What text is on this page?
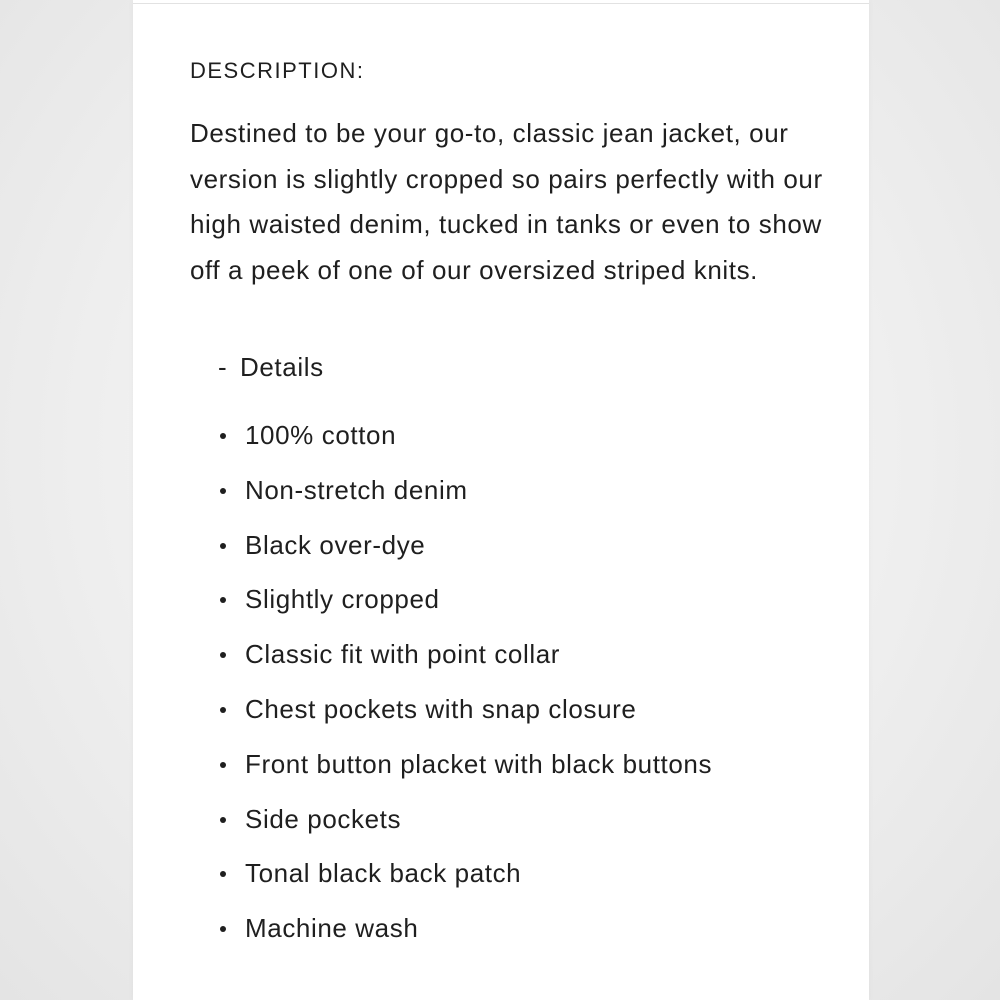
DESCRIPTION:

Destined to be your go-to, classic jean jacket, our version is slightly cropped so pairs perfectly with our high waisted denim, tucked in tanks or even to show off a peek of one of our oversized striped knits.

- Details
100% cotton
Non-stretch denim
Black over-dye
Slightly cropped
Classic fit with point collar
Chest pockets with snap closure
Front button placket with black buttons
Side pockets
Tonal black back patch
Machine wash
